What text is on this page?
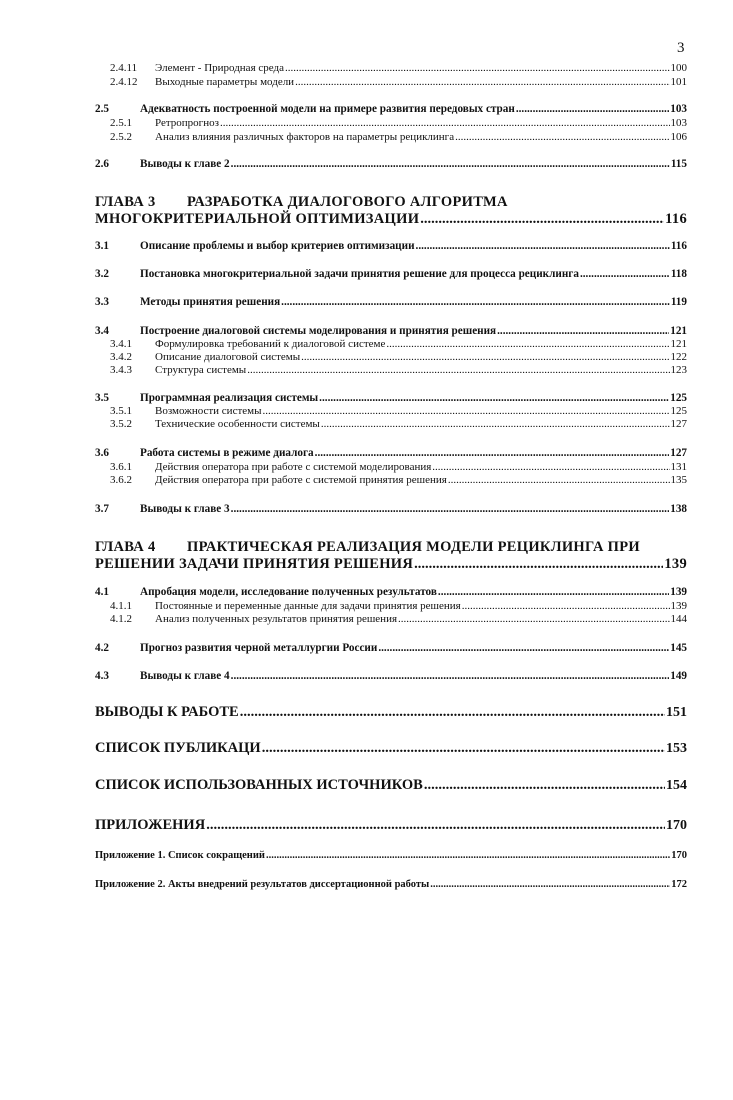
3
2.4.11 Элемент - Природная среда .....	100
2.4.12 Выходные параметры модели .....	101
2.5	Адекватность построенной модели на примере развития передовых стран .....	103
2.5.1 Ретропрогноз .....	103
2.5.2 Анализ влияния различных факторов на параметры рециклинга .....	106
2.6	Выводы к главе 2 .....	115
ГЛАВА 3 РАЗРАБОТКА ДИАЛОГОВОГО АЛГОРИТМА
МНОГОКРИТЕРИАЛЬНОЙ ОПТИМИЗАЦИИ .....	116
3.1	Описание проблемы и выбор критериев оптимизации .....	116
3.2	Постановка многокритериальной задачи принятия решение для процесса рециклинга .....	118
3.3	Методы принятия решения .....	119
3.4	Построение диалоговой системы моделирования и принятия решения .....	121
3.4.1 Формулировка требований к диалоговой системе .....	121
3.4.2 Описание диалоговой системы .....	122
3.4.3 Структура системы .....	123
3.5	Программная реализация системы .....	125
3.5.1 Возможности системы .....	125
3.5.2 Технические особенности системы .....	127
3.6	Работа системы в режиме диалога .....	127
3.6.1 Действия оператора при работе с системой моделирования .....	131
3.6.2 Действия оператора при работе с системой принятия решения .....	135
3.7	Выводы к главе 3 .....	138
ГЛАВА 4 ПРАКТИЧЕСКАЯ РЕАЛИЗАЦИЯ МОДЕЛИ РЕЦИКЛИНГА ПРИ
РЕШЕНИИ ЗАДАЧИ ПРИНЯТИЯ РЕШЕНИЯ .....	139
4.1	Апробация модели, исследование полученных результатов .....	139
4.1.1 Постоянные и переменные данные для задачи принятия решения .....	139
4.1.2 Анализ полученных результатов принятия решения .....	144
4.2	Прогноз развития черной металлургии России .....	145
4.3	Выводы к главе 4 .....	149
ВЫВОДЫ К РАБОТЕ .....	151
СПИСОК ПУБЛИКАЦИ .....	153
СПИСОК ИСПОЛЬЗОВАННЫХ ИСТОЧНИКОВ .....	154
ПРИЛОЖЕНИЯ .....	170
Приложение 1. Список сокращений .....	170
Приложение 2. Акты внедрений результатов диссертационной работы .....	172
